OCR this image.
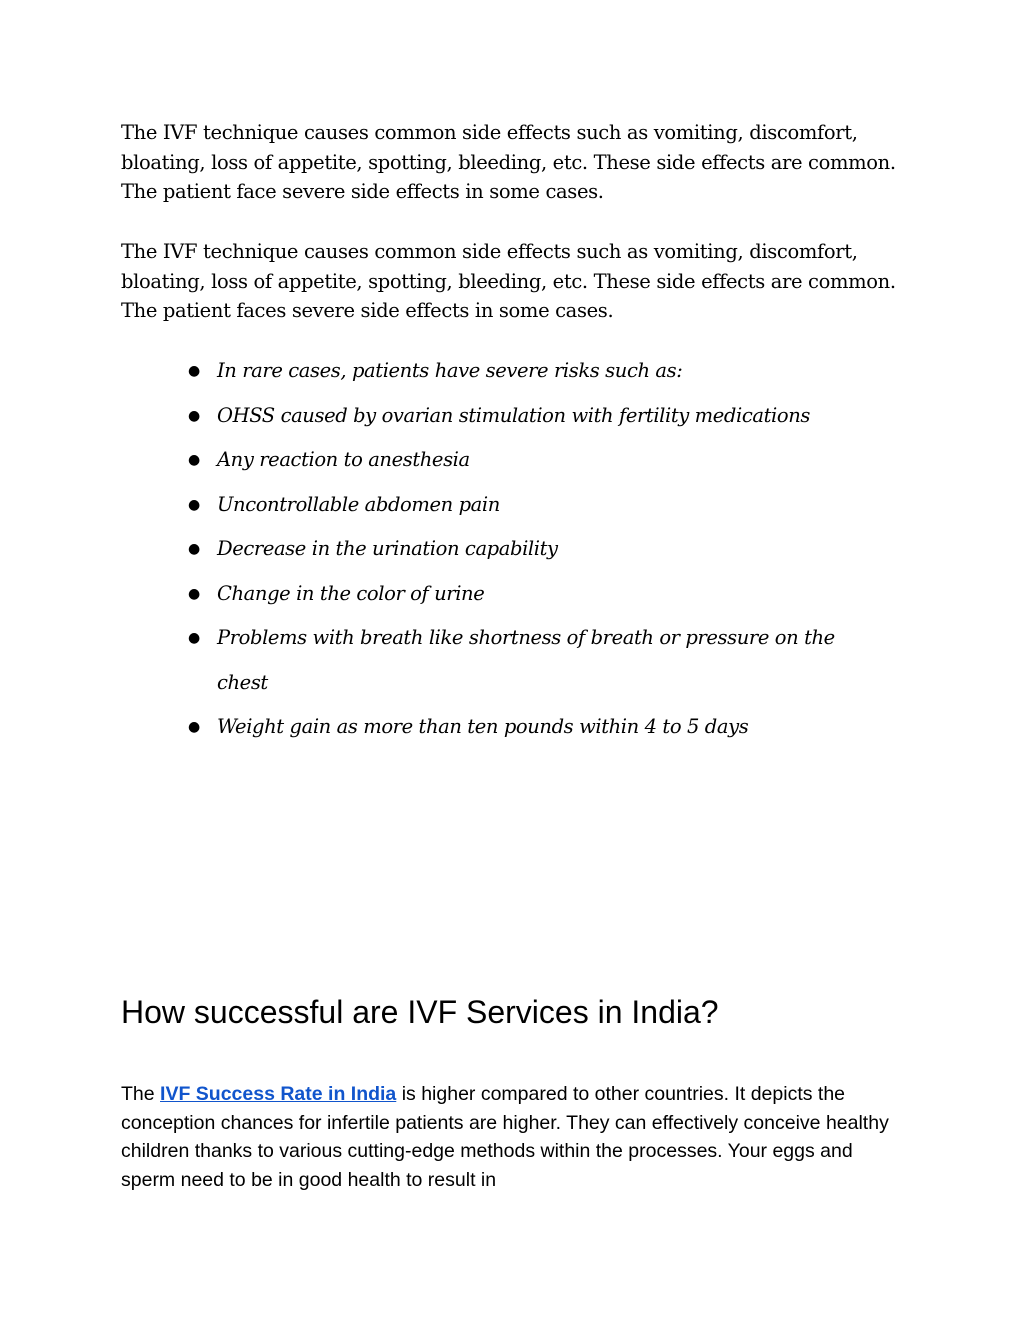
The IVF technique causes common side effects such as vomiting, discomfort, bloating, loss of appetite, spotting, bleeding, etc. These side effects are common. The patient face severe side effects in some cases.

The IVF technique causes common side effects such as vomiting, discomfort, bloating, loss of appetite, spotting, bleeding, etc. These side effects are common. The patient faces severe side effects in some cases.

● In rare cases, patients have severe risks such as:
● OHSS caused by ovarian stimulation with fertility medications
● Any reaction to anesthesia
● Uncontrollable abdomen pain
● Decrease in the urination capability
● Change in the color of urine
● Problems with breath like shortness of breath or pressure on the chest
● Weight gain as more than ten pounds within 4 to 5 days
How successful are IVF Services in India?

The IVF Success Rate in India is higher compared to other countries. It depicts the conception chances for infertile patients are higher. They can effectively conceive healthy children thanks to various cutting-edge methods within the processes. Your eggs and sperm need to be in good health to result in
